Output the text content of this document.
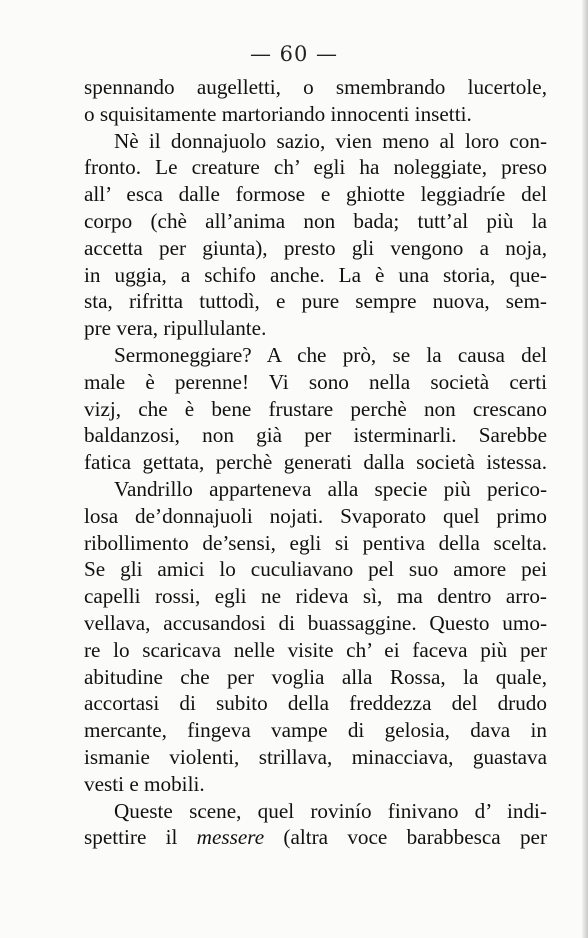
— 60 —
spennando augelletti, o smembrando lucertole,
o squisitamente martoriando innocenti insetti.
Nè il donnajuolo sazio, vien meno al loro con-
fronto. Le creature ch’ egli ha noleggiate, preso
all’ esca dalle formose e ghiotte leggiadríe del
corpo (chè all’anima non bada; tutt’al più la
accetta per giunta), presto gli vengono a noja,
in uggia, a schifo anche. La è una storia, que-
sta, rifritta tuttodì, e pure sempre nuova, sem-
pre vera, ripullulante.
Sermoneggiare? A che prò, se la causa del
male è perenne! Vi sono nella società certi
vizj, che è bene frustare perchè non crescano
baldanzosi, non già per isterminarli. Sarebbe
fatica gettata, perchè generati dalla società istessa.
Vandrillo apparteneva alla specie più perico-
losa de’donnajuoli nojati. Svaporato quel primo
ribollimento de’sensi, egli si pentiva della scelta.
Se gli amici lo cuculiavano pel suo amore pei
capelli rossi, egli ne rideva sì, ma dentro arro-
vellava, accusandosi di buassaggine. Questo umo-
re lo scaricava nelle visite ch’ ei faceva più per
abitudine che per voglia alla Rossa, la quale,
accortasi di subito della freddezza del drudo
mercante, fingeva vampe di gelosia, dava in
ismanie violenti, strillava, minacciava, guastava
vesti e mobili.
Queste scene, quel rovinío finivano d’ indi-
spettire il messere (altra voce barabbesca per
